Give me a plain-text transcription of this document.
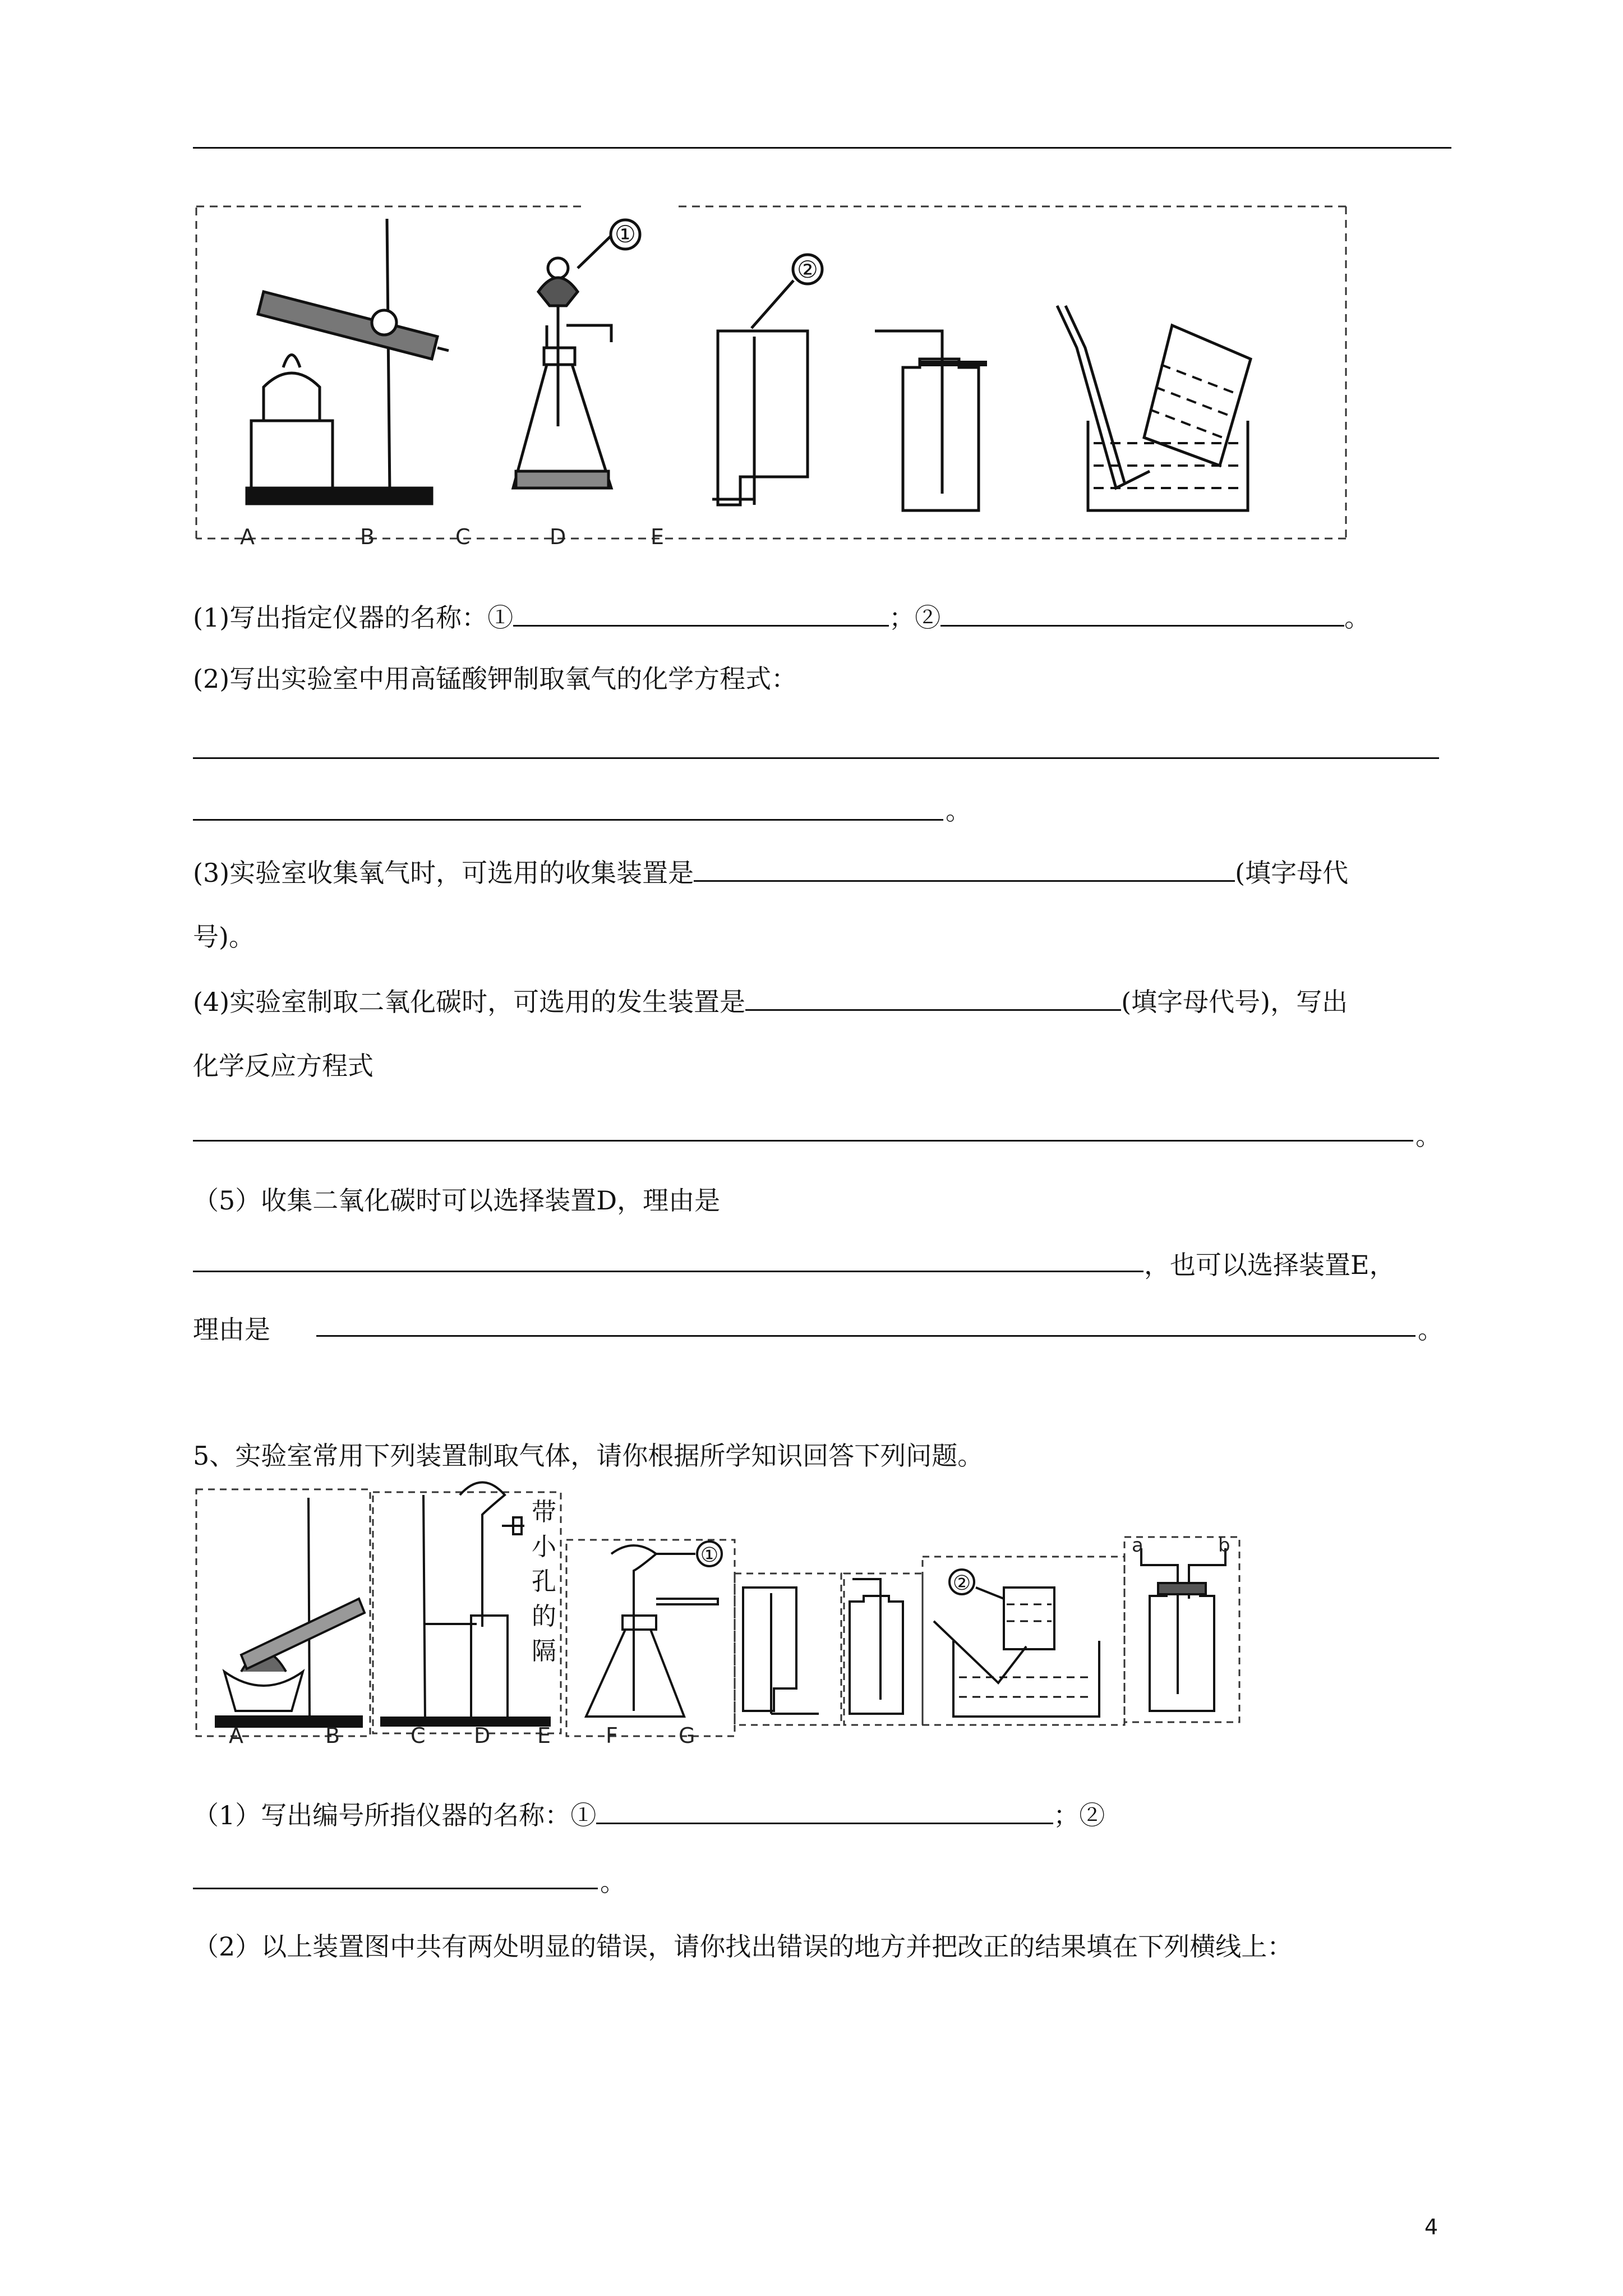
①
②
A	B	C	D	E
(1)写出指定仪器的名称：①	；②	。
(2)写出实验室中用高锰酸钾制取氧气的化学方程式：
。
(3)实验室收集氧气时，可选用的收集装置是	(填字母代
号)。
(4)实验室制取二氧化碳时，可选用的发生装置是	(填字母代号)，写出
化学反应方程式
。
（5）收集二氧化碳时可以选择装置D，理由是
，也可以选择装置E，
理由是	。
5、实验室常用下列装置制取气体，请你根据所学知识回答下列问题。
①
②
带小孔的隔
a	b
A	B	C D E	F	G
（1）写出编号所指仪器的名称：①	；②
。
（2）以上装置图中共有两处明显的错误，请你找出错误的地方并把改正的结果填在下列横线上：
4
